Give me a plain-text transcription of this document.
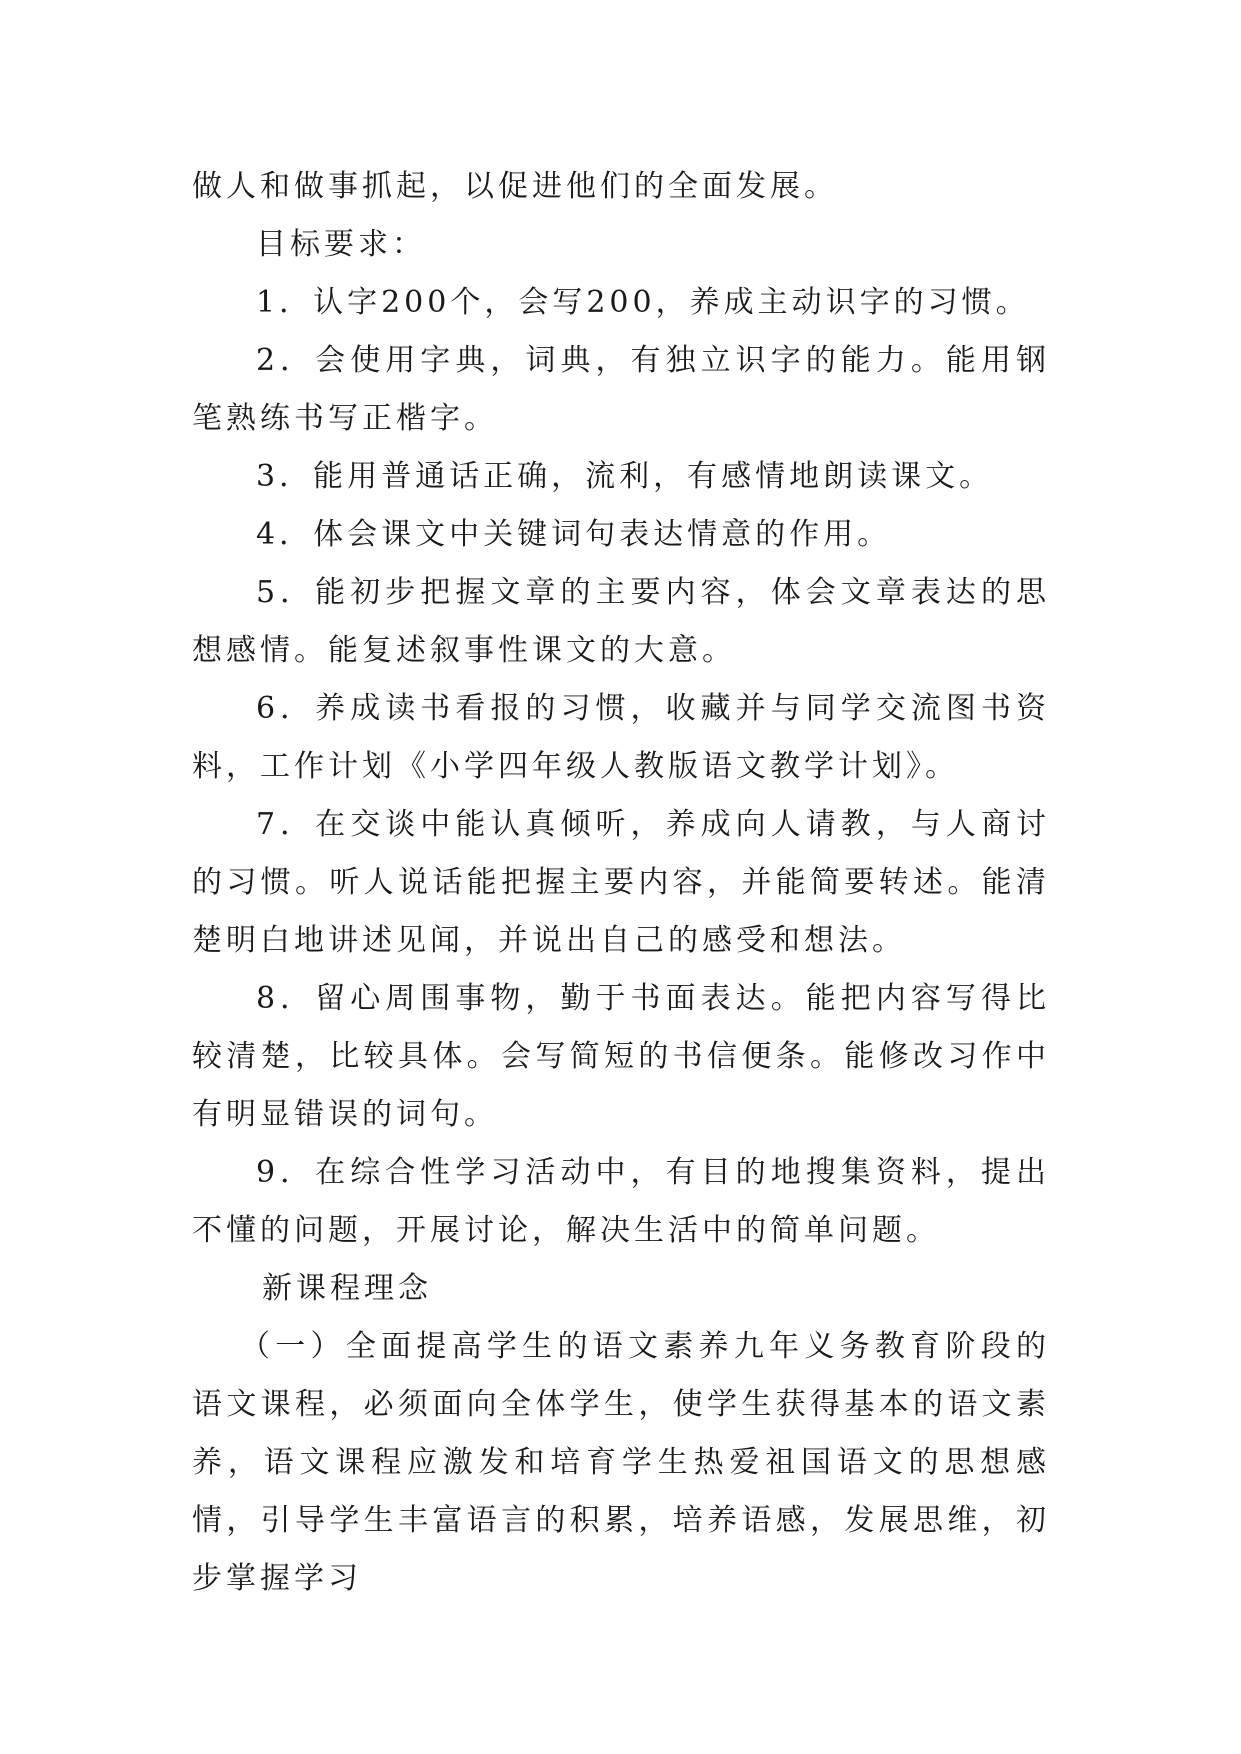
做人和做事抓起，以促进他们的全面发展。

目标要求：

1．认字200个，会写200，养成主动识字的习惯。

2．会使用字典，词典，有独立识字的能力。能用钢笔熟练书写正楷字。

3．能用普通话正确，流利，有感情地朗读课文。

4．体会课文中关键词句表达情意的作用。

5．能初步把握文章的主要内容，体会文章表达的思想感情。能复述叙事性课文的大意。

6．养成读书看报的习惯，收藏并与同学交流图书资料，工作计划《小学四年级人教版语文教学计划》。

7．在交谈中能认真倾听，养成向人请教，与人商讨的习惯。听人说话能把握主要内容，并能简要转述。能清楚明白地讲述见闻，并说出自己的感受和想法。

8．留心周围事物，勤于书面表达。能把内容写得比较清楚，比较具体。会写简短的书信便条。能修改习作中有明显错误的词句。

9．在综合性学习活动中，有目的地搜集资料，提出不懂的问题，开展讨论，解决生活中的简单问题。

新课程理念

（一）全面提高学生的语文素养九年义务教育阶段的语文课程，必须面向全体学生，使学生获得基本的语文素养，语文课程应激发和培育学生热爱祖国语文的思想感情，引导学生丰富语言的积累，培养语感，发展思维，初步掌握学习
